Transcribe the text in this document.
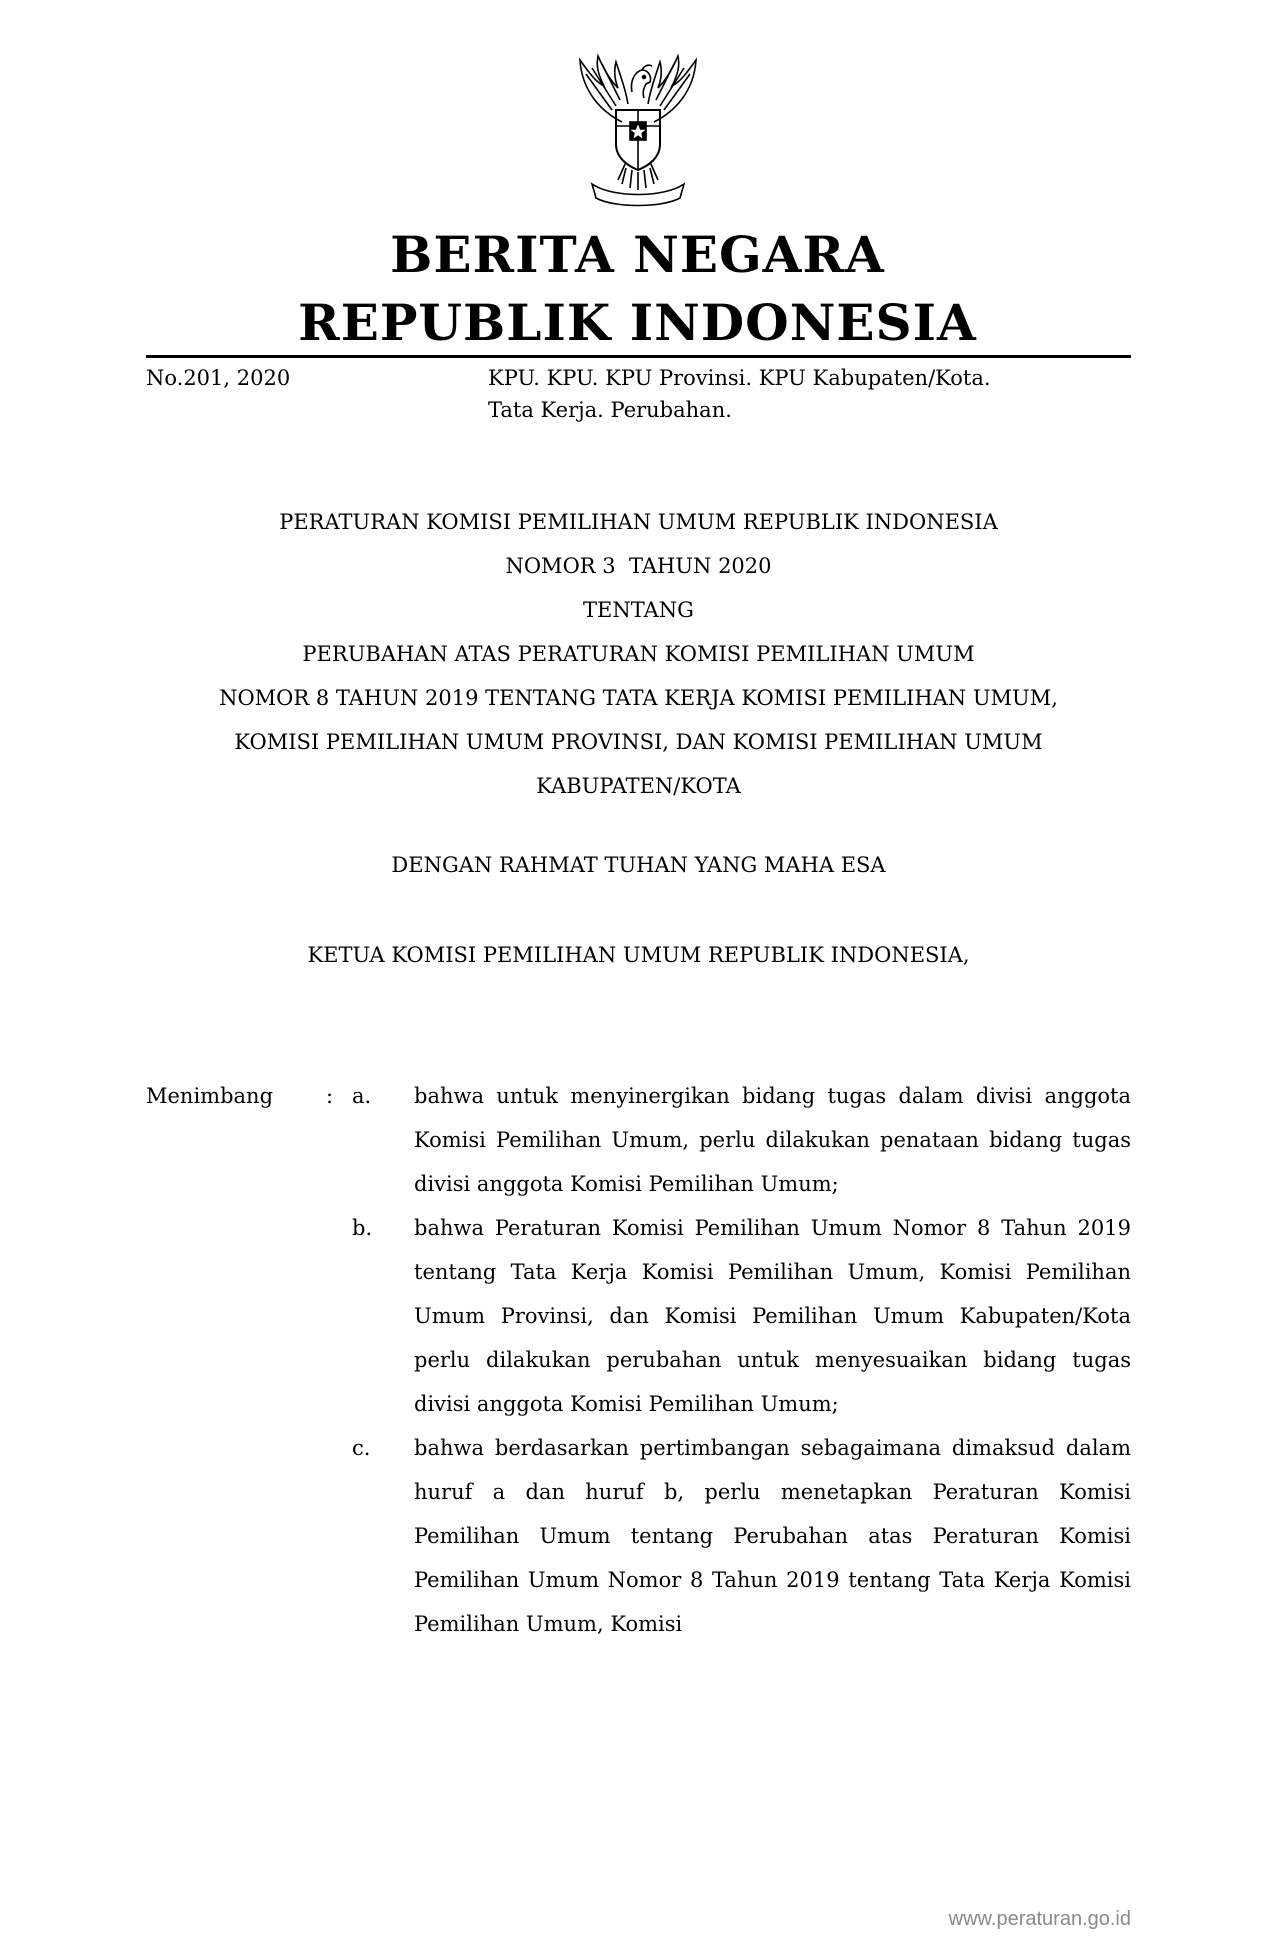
BERITA NEGARA
REPUBLIK INDONESIA
No.201, 2020	KPU. KPU. KPU Provinsi. KPU Kabupaten/Kota.
Tata Kerja. Perubahan.
PERATURAN KOMISI PEMILIHAN UMUM REPUBLIK INDONESIA
NOMOR 3  TAHUN 2020
TENTANG
PERUBAHAN ATAS PERATURAN KOMISI PEMILIHAN UMUM
NOMOR 8 TAHUN 2019 TENTANG TATA KERJA KOMISI PEMILIHAN UMUM,
KOMISI PEMILIHAN UMUM PROVINSI, DAN KOMISI PEMILIHAN UMUM
KABUPATEN/KOTA
DENGAN RAHMAT TUHAN YANG MAHA ESA
KETUA KOMISI PEMILIHAN UMUM REPUBLIK INDONESIA,
Menimbang	: a. bahwa untuk menyinergikan bidang tugas dalam divisi anggota Komisi Pemilihan Umum, perlu dilakukan penataan bidang tugas divisi anggota Komisi Pemilihan Umum;
b. bahwa Peraturan Komisi Pemilihan Umum Nomor 8 Tahun 2019 tentang Tata Kerja Komisi Pemilihan Umum, Komisi Pemilihan Umum Provinsi, dan Komisi Pemilihan Umum Kabupaten/Kota perlu dilakukan perubahan untuk menyesuaikan bidang tugas divisi anggota Komisi Pemilihan Umum;
c. bahwa berdasarkan pertimbangan sebagaimana dimaksud dalam huruf a dan huruf b, perlu menetapkan Peraturan Komisi Pemilihan Umum tentang Perubahan atas Peraturan Komisi Pemilihan Umum Nomor 8 Tahun 2019 tentang Tata Kerja Komisi Pemilihan Umum, Komisi
www.peraturan.go.id
